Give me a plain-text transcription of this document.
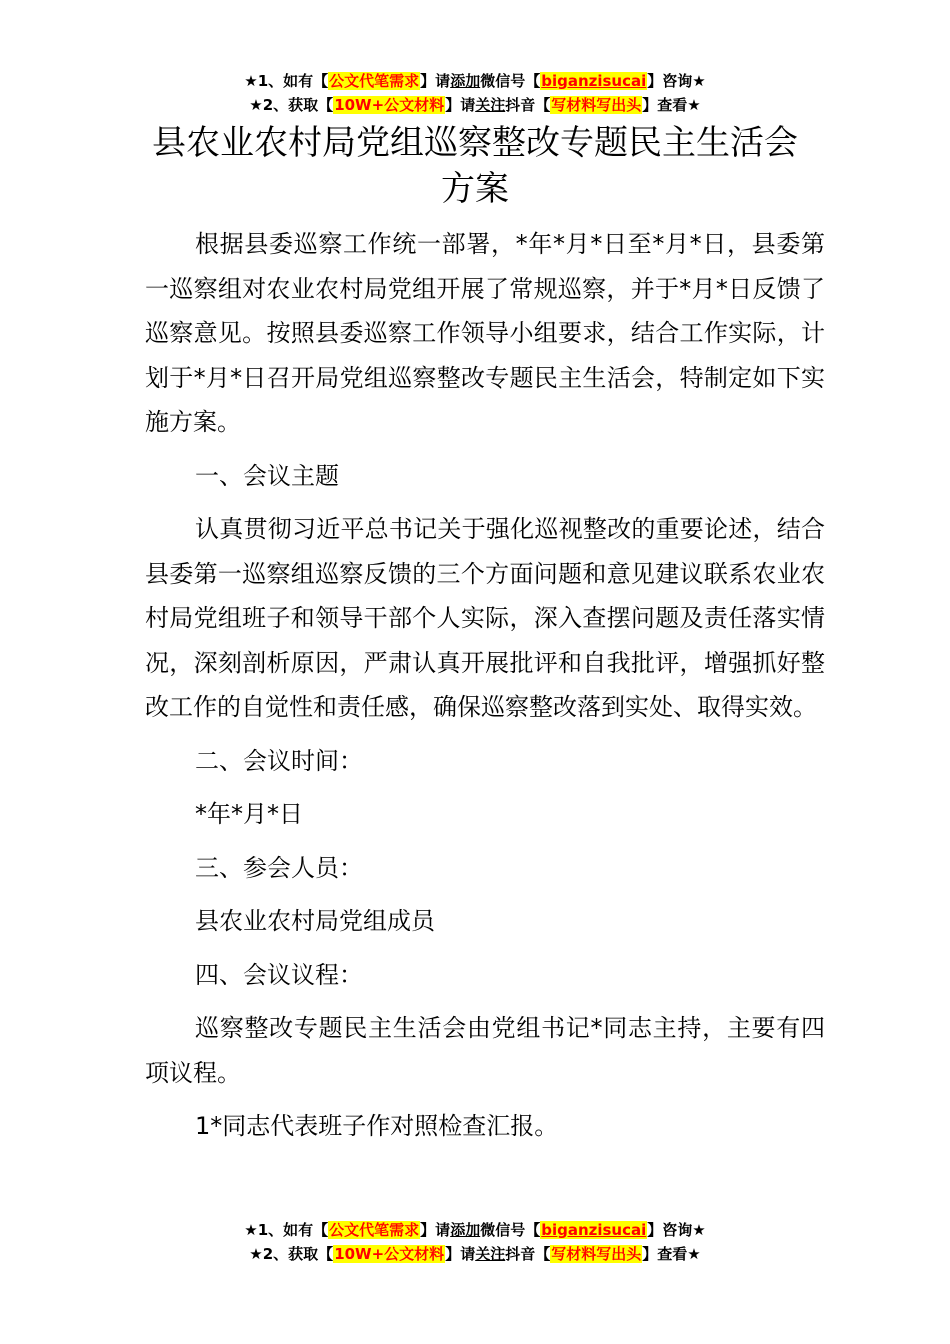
★1、如有【公文代笔需求】请添加微信号【biganzisucai】咨询★
★2、获取【10W+公文材料】请关注抖音【写材料写出头】查看★
县农业农村局党组巡察整改专题民主生活会
方案

根据县委巡察工作统一部署，*年*月*日至*月*日，县委第一巡察组对农业农村局党组开展了常规巡察，并于*月*日反馈了巡察意见。按照县委巡察工作领导小组要求，结合工作实际，计划于*月*日召开局党组巡察整改专题民主生活会，特制定如下实施方案。

一、会议主题

认真贯彻习近平总书记关于强化巡视整改的重要论述，结合县委第一巡察组巡察反馈的三个方面问题和意见建议联系农业农村局党组班子和领导干部个人实际，深入查摆问题及责任落实情况，深刻剖析原因，严肃认真开展批评和自我批评，增强抓好整改工作的自觉性和责任感，确保巡察整改落到实处、取得实效。

二、会议时间：

*年*月*日

三、参会人员：

县农业农村局党组成员

四、会议议程：

巡察整改专题民主生活会由党组书记*同志主持，主要有四项议程。

1*同志代表班子作对照检查汇报。

★1、如有【公文代笔需求】请添加微信号【biganzisucai】咨询★
★2、获取【10W+公文材料】请关注抖音【写材料写出头】查看★
